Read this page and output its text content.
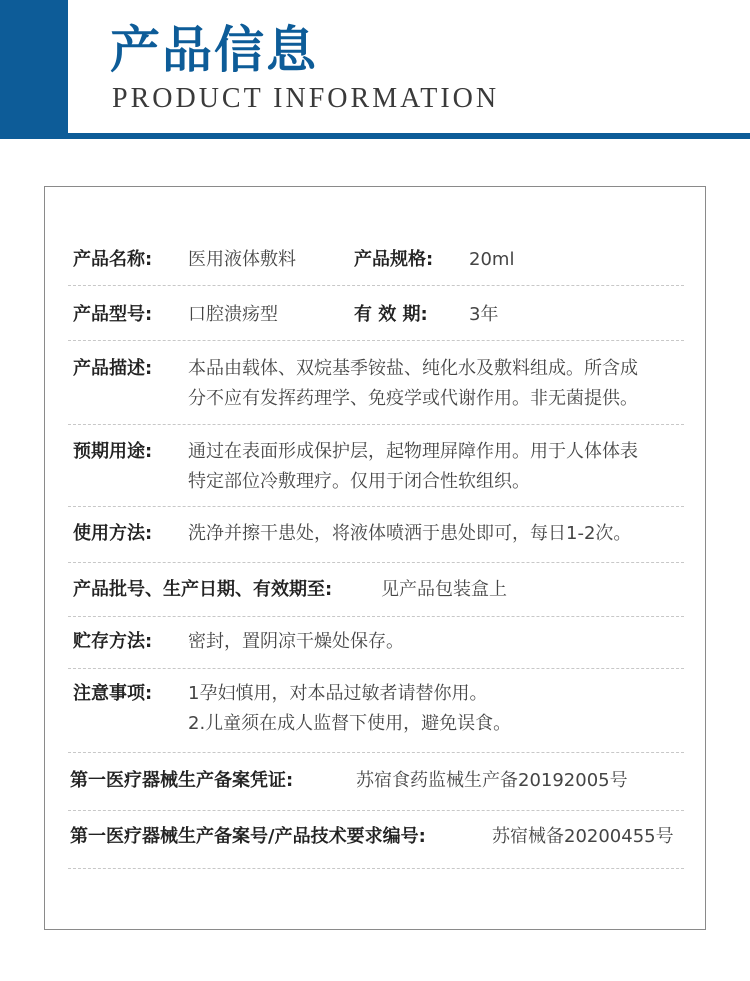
产品信息
PRODUCT INFORMATION
产品名称: 医用液体敷料	产品规格: 20ml
产品型号: 口腔溃疡型	有 效 期: 3年
产品描述: 本品由载体、双烷基季铵盐、纯化水及敷料组成。所含成
分不应有发挥药理学、免疫学或代谢作用。非无菌提供。
预期用途: 通过在表面形成保护层，起物理屏障作用。用于人体体表
特定部位冷敷理疗。仅用于闭合性软组织。
使用方法: 洗净并擦干患处，将液体喷洒于患处即可，每日1-2次。
产品批号、生产日期、有效期至:	见产品包装盒上
贮存方法: 密封，置阴凉干燥处保存。
注意事项: 1孕妇慎用，对本品过敏者请替你用。
2.儿童须在成人监督下使用，避免误食。
第一医疗器械生产备案凭证:	苏宿食药监械生产备20192005号
第一医疗器械生产备案号/产品技术要求编号:	苏宿械备20200455号
